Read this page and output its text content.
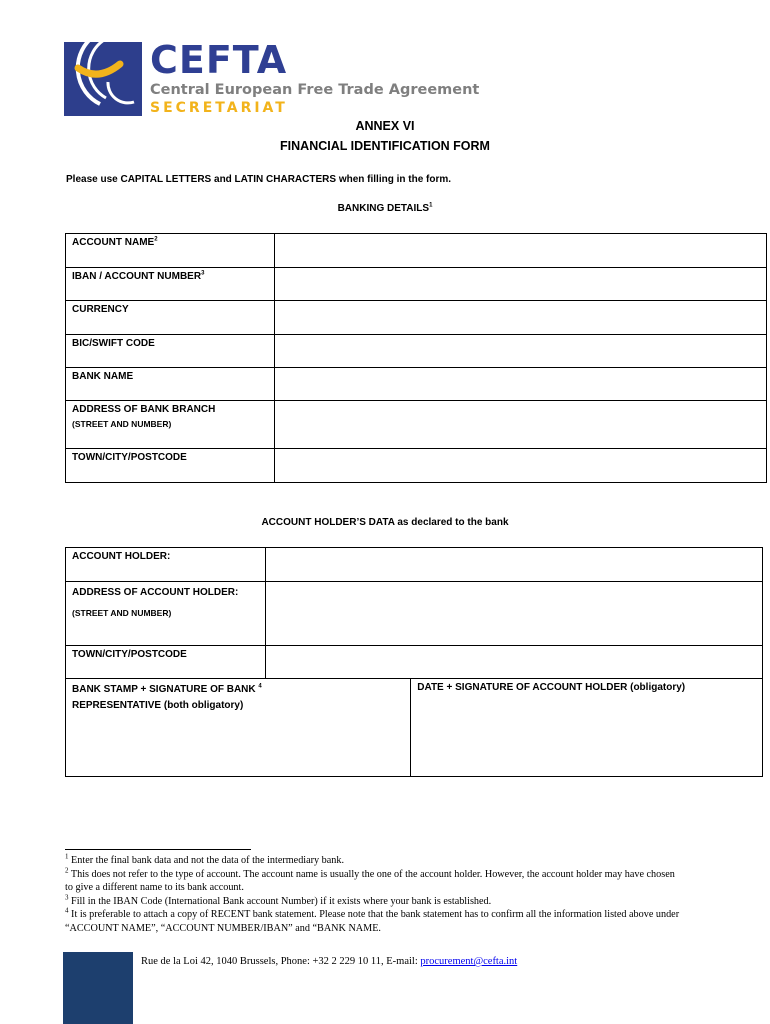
CEFTA
Central European Free Trade Agreement
SECRETARIAT
ANNEX VI
FINANCIAL IDENTIFICATION FORM
Please use CAPITAL LETTERS and LATIN CHARACTERS when filling in the form.
BANKING DETAILS$^1$
ACCOUNT NAME$^2$	
IBAN / ACCOUNT NUMBER$^3$	
CURRENCY	
BIC/SWIFT CODE	
BANK NAME	
ADDRESS OF BANK BRANCH
(STREET AND NUMBER)	

TOWN/CITY/POSTCODE	
ACCOUNT HOLDER’S DATA as declared to the bank
ACCOUNT HOLDER:		
ADDRESS OF ACCOUNT HOLDER:
(STREET AND NUMBER)		

TOWN/CITY/POSTCODE		
BANK STAMP + SIGNATURE OF BANK $^4$
REPRESENTATIVE (both obligatory)		DATE + SIGNATURE OF ACCOUNT HOLDER (obligatory)
$^1$ Enter the final bank data and not the data of the intermediary bank.
$^2$ This does not refer to the type of account. The account name is usually the one of the account holder. However, the account holder may have chosen to give a different name to its bank account.
$^3$ Fill in the IBAN Code (International Bank account Number) if it exists where your bank is established.
$^4$ It is preferable to attach a copy of RECENT bank statement. Please note that the bank statement has to confirm all the information listed above under “ACCOUNT NAME”, “ACCOUNT NUMBER/IBAN” and “BANK NAME.
Rue de la Loi 42, 1040 Brussels, Phone: +32 2 229 10 11, E-mail: procurement@cefta.int
